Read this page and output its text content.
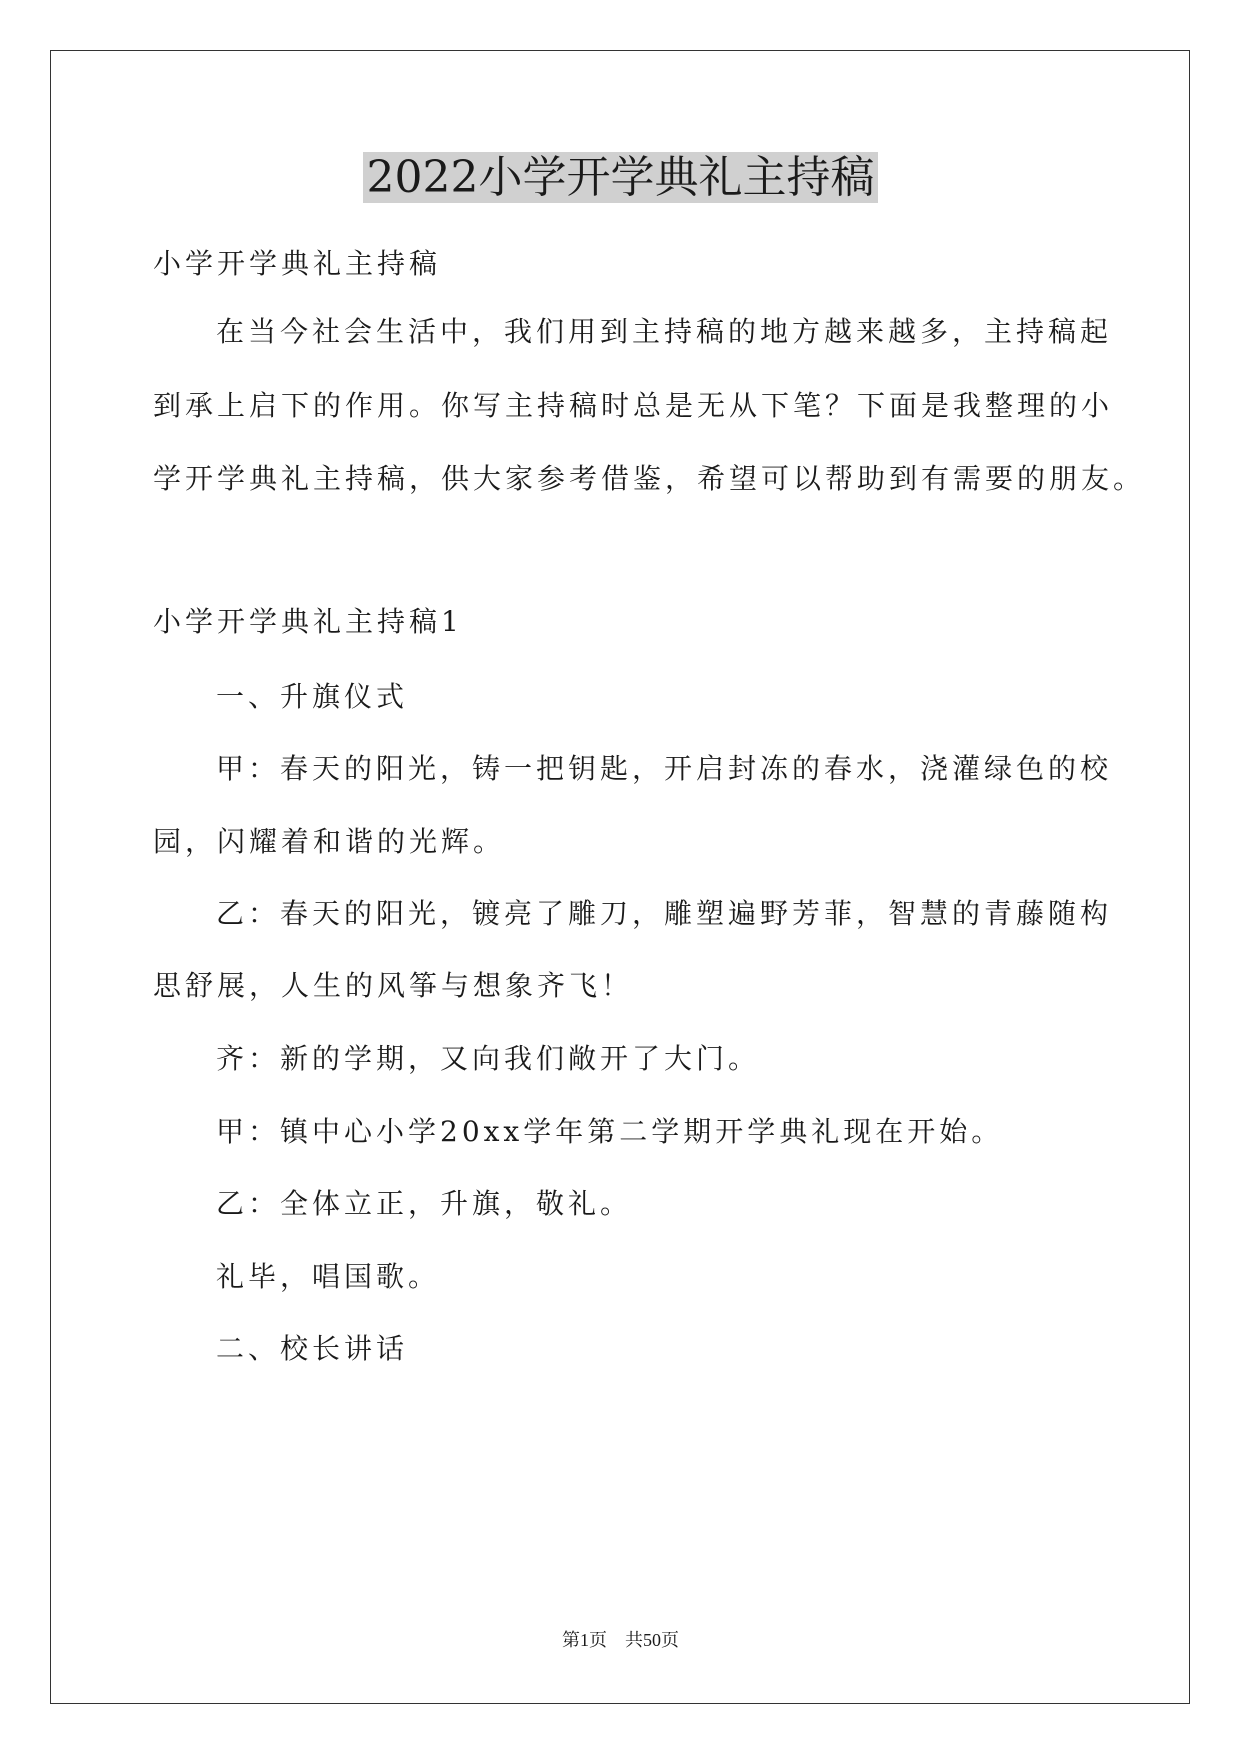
2022小学开学典礼主持稿
小学开学典礼主持稿
在当今社会生活中，我们用到主持稿的地方越来越多，主持稿起
到承上启下的作用。你写主持稿时总是无从下笔？下面是我整理的小
学开学典礼主持稿，供大家参考借鉴，希望可以帮助到有需要的朋友。
小学开学典礼主持稿1
一、升旗仪式
甲：春天的阳光，铸一把钥匙，开启封冻的春水，浇灌绿色的校
园，闪耀着和谐的光辉。
乙：春天的阳光，镀亮了雕刀，雕塑遍野芳菲，智慧的青藤随构
思舒展，人生的风筝与想象齐飞！
齐：新的学期，又向我们敞开了大门。
甲：镇中心小学20xx学年第二学期开学典礼现在开始。
乙：全体立正，升旗，敬礼。
礼毕，唱国歌。
二、校长讲话
第1页　共50页
